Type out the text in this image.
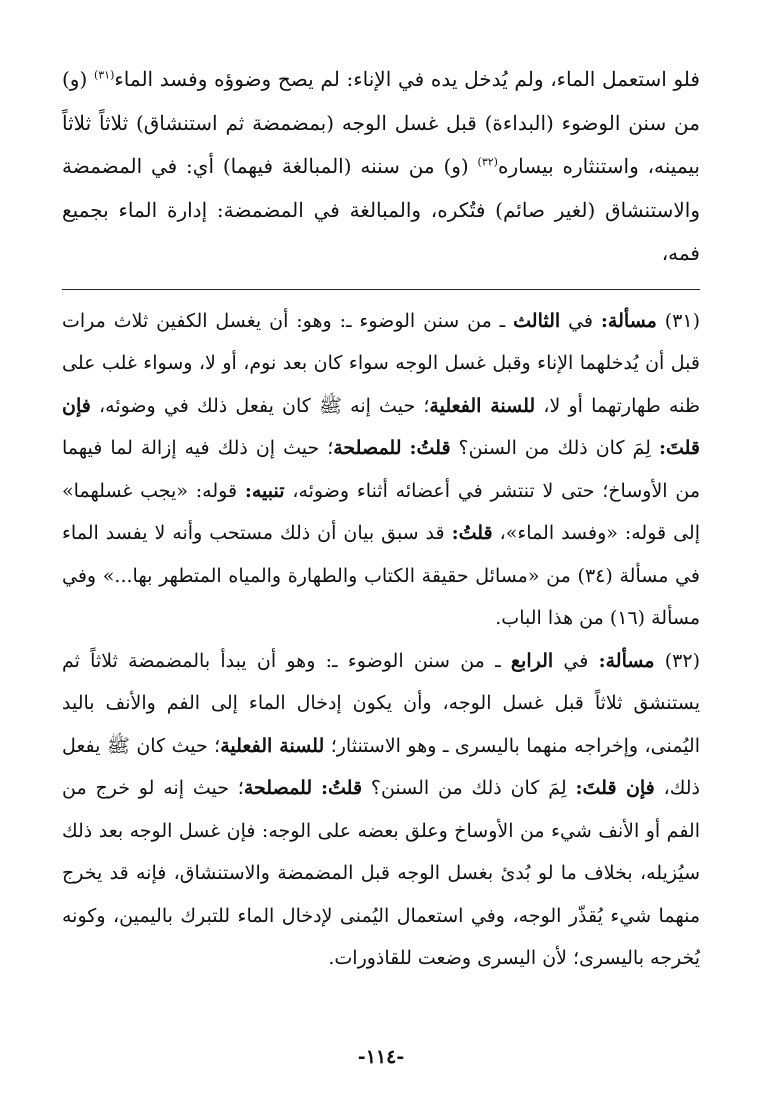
فلو استعمل الماء، ولم يُدخل يده في الإناء: لم يصح وضوؤه وفسد الماء$^{(٣١)}$ (و) من سنن الوضوء (البداءة) قبل غسل الوجه (بمضمضة ثم استنشاق) ثلاثاً ثلاثاً بيمينه، واستنثاره بيساره$^{(٣٢)}$ (و) من سننه (المبالغة فيهما) أي: في المضمضة والاستنشاق (لغير صائم) فتُكره، والمبالغة في المضمضة: إدارة الماء بجميع فمه،

(٣١) مسألة: في الثالث ـ من سنن الوضوء ـ: وهو: أن يغسل الكفين ثلاث مرات قبل أن يُدخلهما الإناء وقبل غسل الوجه سواء كان بعد نوم، أو لا، وسواء غلب على ظنه طهارتهما أو لا، للسنة الفعلية؛ حيث إنه ﷺ كان يفعل ذلك في وضوئه، فإن قلتَ: لِمَ كان ذلك من السنن؟ قلتُ: للمصلحة؛ حيث إن ذلك فيه إزالة لما فيهما من الأوساخ؛ حتى لا تنتشر في أعضائه أثناء وضوئه، تنبيه: قوله: «يجب غسلهما» إلى قوله: «وفسد الماء»، قلتُ: قد سبق بيان أن ذلك مستحب وأنه لا يفسد الماء في مسألة (٣٤) من «مسائل حقيقة الكتاب والطهارة والمياه المتطهر بها...» وفي مسألة (١٦) من هذا الباب.

(٣٢) مسألة: في الرابع ـ من سنن الوضوء ـ: وهو أن يبدأ بالمضمضة ثلاثاً ثم يستنشق ثلاثاً قبل غسل الوجه، وأن يكون إدخال الماء إلى الفم والأنف باليد اليُمنى، وإخراجه منهما باليسرى ـ وهو الاستنثار؛ للسنة الفعلية؛ حيث كان ﷺ يفعل ذلك، فإن قلتَ: لِمَ كان ذلك من السنن؟ قلتُ: للمصلحة؛ حيث إنه لو خرج من الفم أو الأنف شيء من الأوساخ وعلق بعضه على الوجه: فإن غسل الوجه بعد ذلك سيُزيله، بخلاف ما لو بُدئ بغسل الوجه قبل المضمضة والاستنشاق، فإنه قد يخرج منهما شيء يُقذّر الوجه، وفي استعمال اليُمنى لإدخال الماء للتبرك باليمين، وكونه يُخرجه باليسرى؛ لأن اليسرى وضعت للقاذورات.

-١١٤-
